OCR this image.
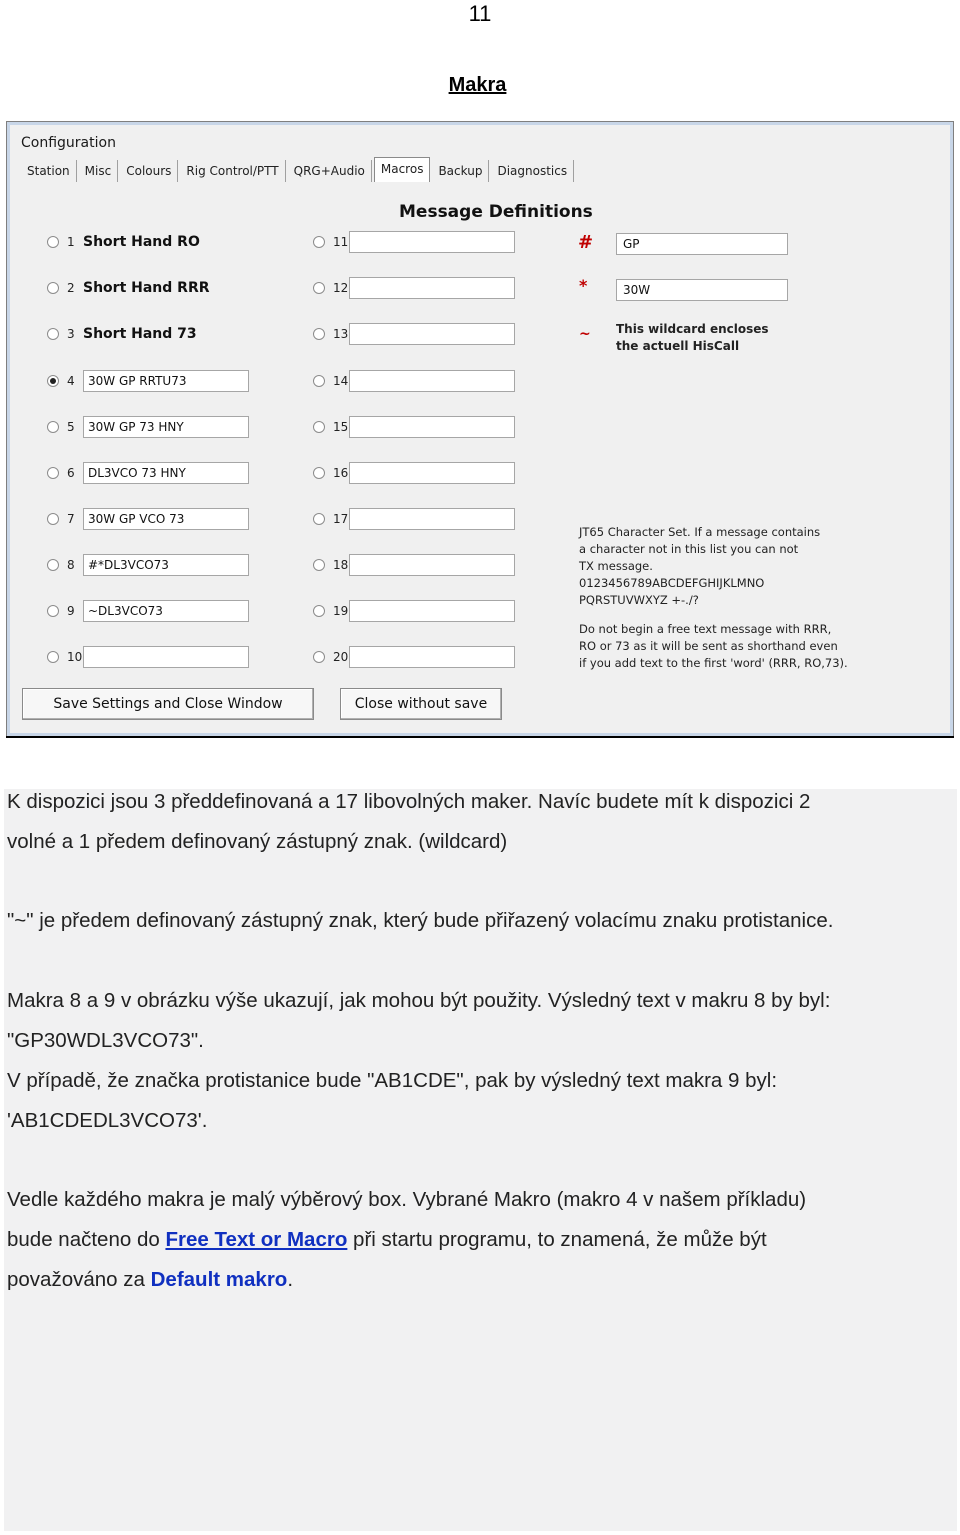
11
Makra
Configuration
Station	Misc	Colours	Rig Control/PTT	QRG+Audio	Macros	Backup	Diagnostics
Message Definitions
1 Short Hand RO
2 Short Hand RRR
3 Short Hand 73
4	30W GP RRTU73
5	30W GP 73 HNY
6	DL3VCO 73 HNY
7	30W GP VCO 73
8	#*DL3VCO73
9	~DL3VCO73
10
11
12
13
14
15
16
17
18
19
20
#	GP
*	30W
~ This wildcard encloses
the actuell HisCall
JT65 Character Set. If a message contains
a character not in this list you can not
TX message.
0123456789ABCDEFGHIJKLMNO
PQRSTUVWXYZ +-./?
Do not begin a free text message with RRR,
RO or 73 as it will be sent as shorthand even
if you add text to the first 'word' (RRR, RO,73).
Save Settings and Close Window	Close without save
K dispozici jsou 3 předdefinovaná a 17 libovolných maker. Navíc budete mít k dispozici 2
volné a 1 předem definovaný zástupný znak. (wildcard)
"~" je předem definovaný zástupný znak, který bude přiřazený volacímu znaku protistanice.
Makra 8 a 9 v obrázku výše ukazují, jak mohou být použity. Výsledný text v makru 8 by byl:
"GP30WDL3VCO73".
V případě, že značka protistanice bude "AB1CDE", pak by výsledný text makra 9 byl:
'AB1CDEDL3VCO73'.
Vedle každého makra je malý výběrový box. Vybrané Makro (makro 4 v našem příkladu)
bude načteno do Free Text or Macro při startu programu, to znamená, že může být
považováno za Default makro.
